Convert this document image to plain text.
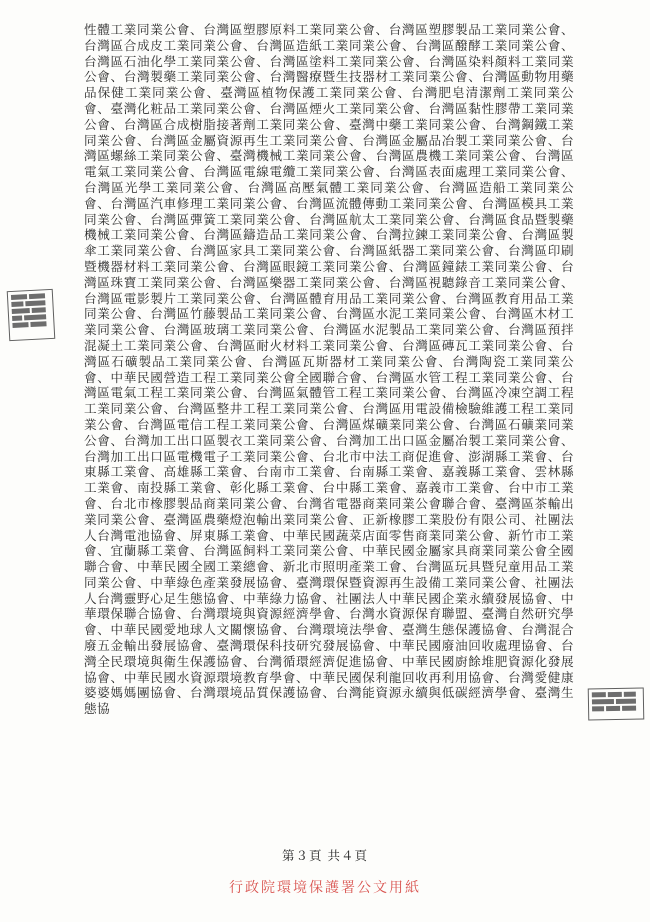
性體工業同業公會、台灣區塑膠原料工業同業公會、台灣區塑膠製品工業同業公會、台灣區合成皮工業同業公會、台灣區造紙工業同業公會、台灣區醱酵工業同業公會、台灣區石油化學工業同業公會、台灣區塗料工業同業公會、台灣區染料顏料工業同業公會、台灣製藥工業同業公會、台灣醫療暨生技器材工業同業公會、台灣區動物用藥品保健工業同業公會、臺灣區植物保護工業同業公會、台灣肥皂清潔劑工業同業公會、臺灣化粧品工業同業公會、台灣區煙火工業同業公會、台灣區黏性膠帶工業同業公會、台灣區合成樹脂接著劑工業同業公會、臺灣中藥工業同業公會、台灣鋼鐵工業同業公會、台灣區金屬資源再生工業同業公會、台灣區金屬品冶製工業同業公會、台灣區螺絲工業同業公會、臺灣機械工業同業公會、台灣區農機工業同業公會、台灣區電氣工業同業公會、台灣區電線電纜工業同業公會、台灣區表面處理工業同業公會、台灣區光學工業同業公會、台灣區高壓氣體工業同業公會、台灣區造船工業同業公會、台灣區汽車修理工業同業公會、台灣區流體傳動工業同業公會、台灣區模具工業同業公會、台灣區彈簧工業同業公會、台灣區航太工業同業公會、台灣區食品暨製藥機械工業同業公會、台灣區鑄造品工業同業公會、台灣拉鍊工業同業公會、台灣區製傘工業同業公會、台灣區家具工業同業公會、台灣區紙器工業同業公會、台灣區印刷暨機器材料工業同業公會、台灣區眼鏡工業同業公會、台灣區鐘錶工業同業公會、台灣區珠寶工業同業公會、台灣區樂器工業同業公會、台灣區視聽錄音工業同業公會、台灣區電影製片工業同業公會、台灣區體育用品工業同業公會、台灣區教育用品工業同業公會、台灣區竹藤製品工業同業公會、台灣區水泥工業同業公會、台灣區木材工業同業公會、台灣區玻璃工業同業公會、台灣區水泥製品工業同業公會、台灣區預拌混凝土工業同業公會、台灣區耐火材料工業同業公會、台灣區磚瓦工業同業公會、台灣區石礦製品工業同業公會、台灣區瓦斯器材工業同業公會、台灣陶瓷工業同業公會、中華民國營造工程工業同業公會全國聯合會、台灣區水管工程工業同業公會、台灣區電氣工程工業同業公會、台灣區氣體管工程工業同業公會、台灣區冷凍空調工程工業同業公會、台灣區整井工程工業同業公會、台灣區用電設備檢驗維護工程工業同業公會、台灣區電信工程工業同業公會、台灣區煤礦業同業公會、台灣區石礦業同業公會、台灣加工出口區製衣工業同業公會、台灣加工出口區金屬冶製工業同業公會、台灣加工出口區電機電子工業同業公會、台北市中法工商促進會、澎湖縣工業會、台東縣工業會、高雄縣工業會、台南市工業會、台南縣工業會、嘉義縣工業會、雲林縣工業會、南投縣工業會、彰化縣工業會、台中縣工業會、嘉義市工業會、台中市工業會、台北市橡膠製品商業同業公會、台灣省電器商業同業公會聯合會、臺灣區茶輸出業同業公會、臺灣區農藥燈泡輸出業同業公會、正新橡膠工業股份有限公司、社團法人台灣電池協會、屏東縣工業會、中華民國蔬菜店面零售商業同業公會、新竹市工業會、宜蘭縣工業會、台灣區飼料工業同業公會、中華民國金屬家具商業同業公會全國聯合會、中華民國全國工業總會、新北市照明產業工會、台灣區玩具暨兒童用品工業同業公會、中華綠色產業發展協會、臺灣環保暨資源再生設備工業同業公會、社團法人台灣靈野心足生態協會、中華綠力協會、社團法人中華民國企業永續發展協會、中華環保聯合協會、台灣環境與資源經濟學會、台灣水資源保育聯盟、臺灣自然研究學會、中華民國愛地球人文關懷協會、台灣環境法學會、臺灣生態保護協會、台灣混合廢五金輸出發展協會、臺灣環保科技研究發展協會、中華民國廢油回收處理協會、台灣全民環境與衛生保護協會、台灣循環經濟促進協會、中華民國廚餘堆肥資源化發展協會、中華民國水資源環境教育學會、中華民國保利龍回收再利用協會、台灣愛健康婆婆媽媽團協會、台灣環境品質保護協會、台灣能資源永續與低碳經濟學會、臺灣生態協

第３頁 共４頁
行政院環境保護署公文用紙
